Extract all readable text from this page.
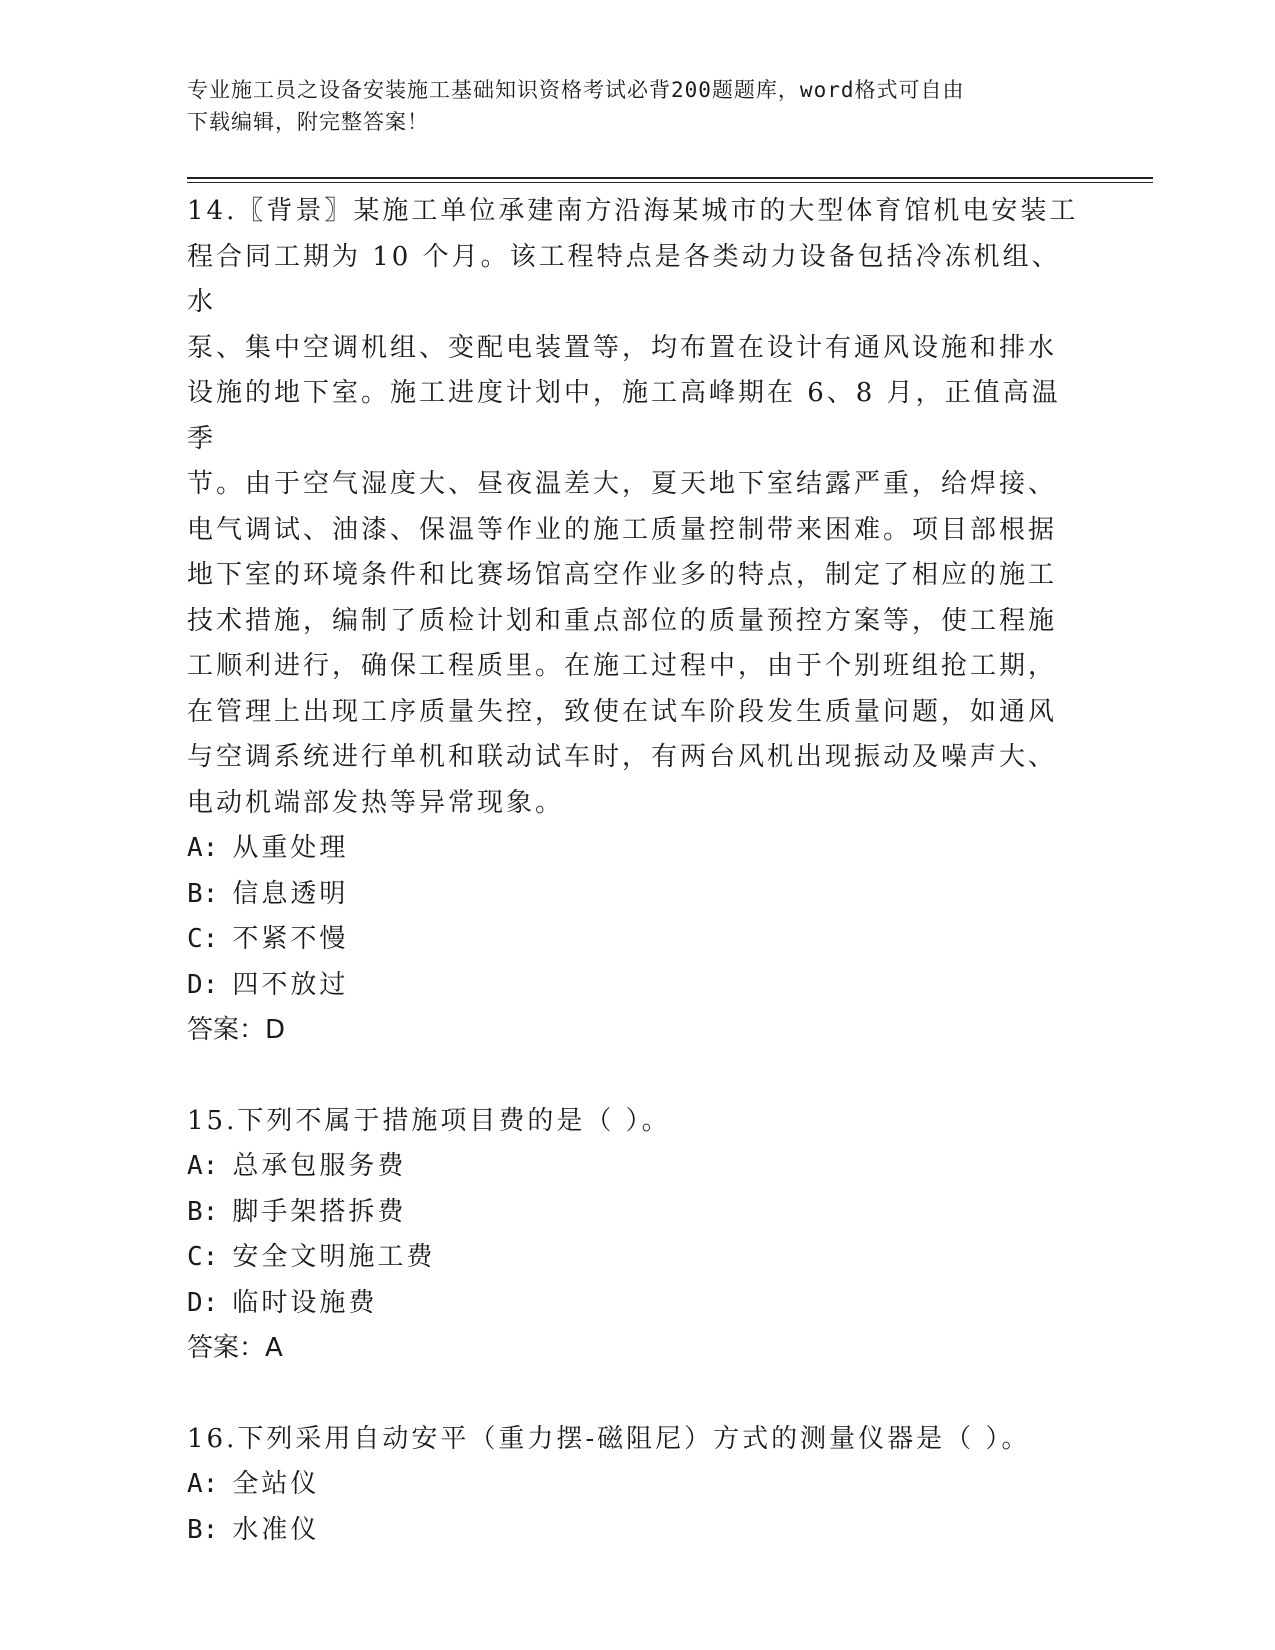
专业施工员之设备安装施工基础知识资格考试必背200题题库，word格式可自由
下载编辑，附完整答案！

14.〖背景〗某施工单位承建南方沿海某城市的大型体育馆机电安装工

程合同工期为 10 个月。该工程特点是各类动力设备包括冷冻机组、水

泵、集中空调机组、变配电装置等，均布置在设计有通风设施和排水

设施的地下室。施工进度计划中，施工高峰期在 6、8 月，正值高温季

节。由于空气湿度大、昼夜温差大，夏天地下室结露严重，给焊接、

电气调试、油漆、保温等作业的施工质量控制带来困难。项目部根据

地下室的环境条件和比赛场馆高空作业多的特点，制定了相应的施工

技术措施，编制了质检计划和重点部位的质量预控方案等，使工程施

工顺利进行，确保工程质里。在施工过程中，由于个别班组抢工期，

在管理上出现工序质量失控，致使在试车阶段发生质量问题，如通风

与空调系统进行单机和联动试车时，有两台风机出现振动及噪声大、

电动机端部发热等异常现象。

A: 从重处理

B: 信息透明

C: 不紧不慢

D: 四不放过

答案：D

15.下列不属于措施项目费的是（ ）。

A: 总承包服务费

B: 脚手架搭拆费

C: 安全文明施工费

D: 临时设施费

答案：A

16.下列采用自动安平（重力摆-磁阻尼）方式的测量仪器是（ ）。

A: 全站仪

B: 水准仪
